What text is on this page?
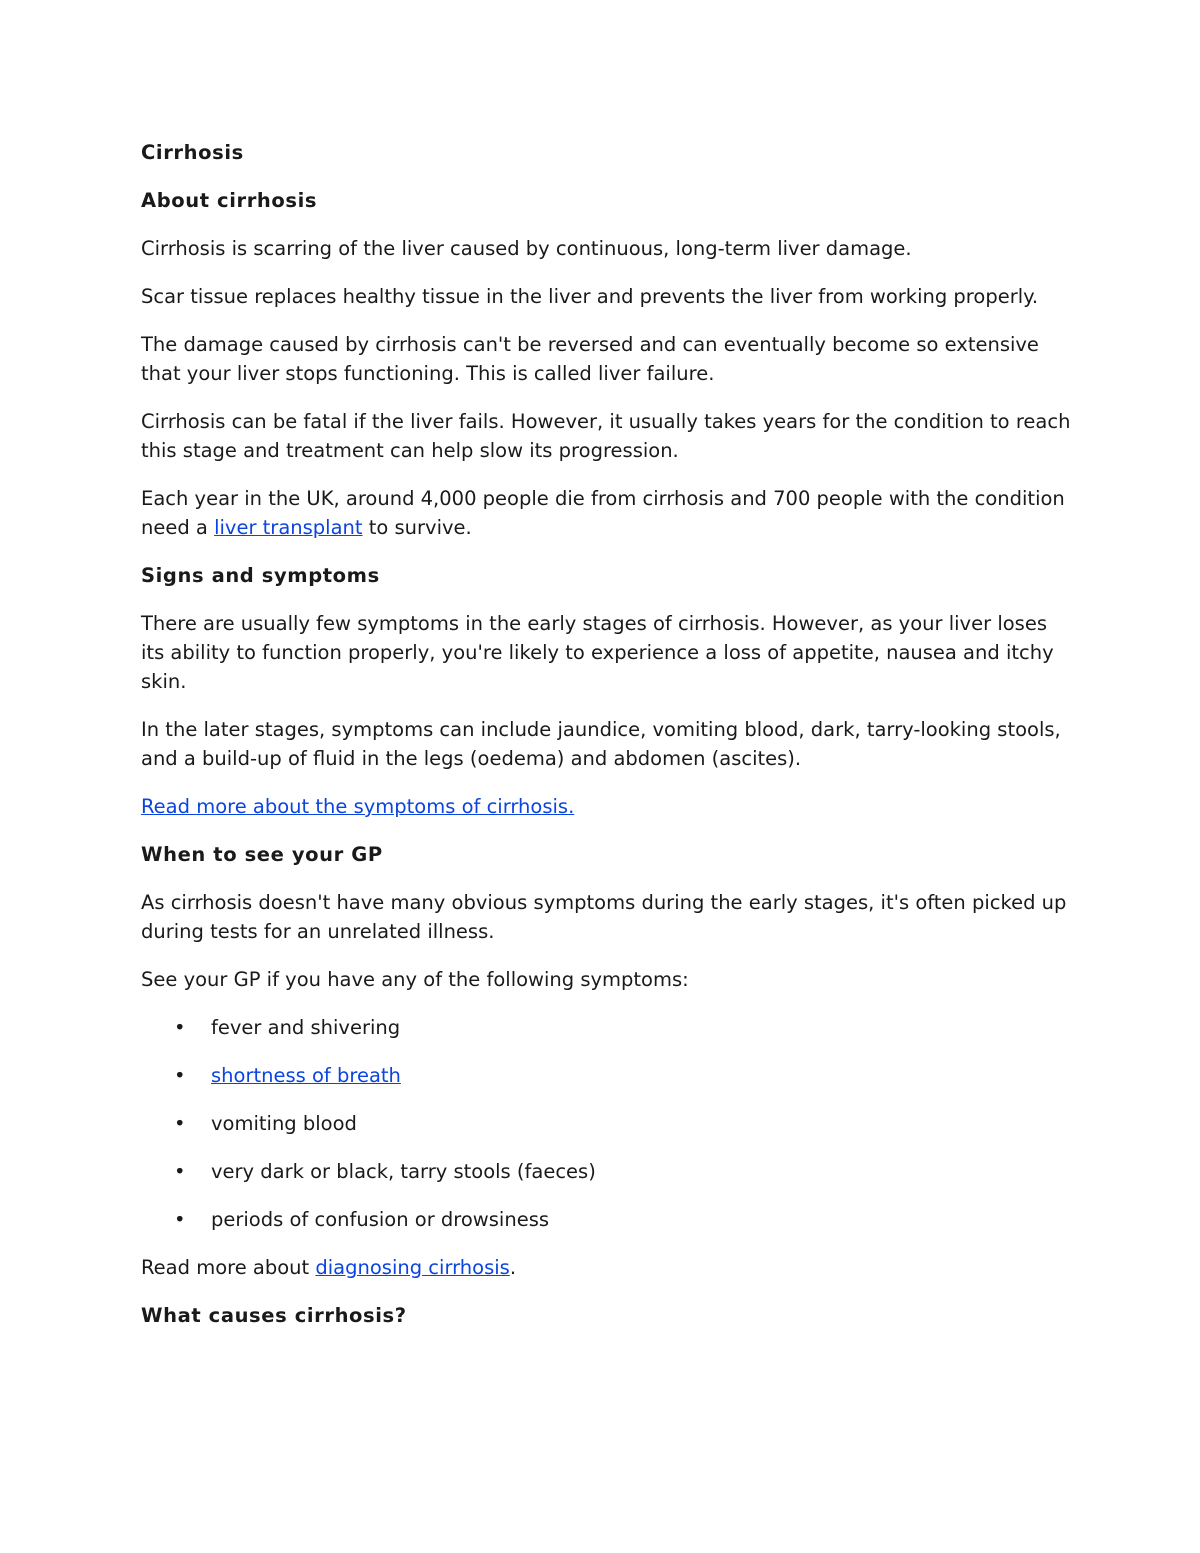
Cirrhosis
About cirrhosis

Cirrhosis is scarring of the liver caused by continuous, long-term liver damage.

Scar tissue replaces healthy tissue in the liver and prevents the liver from working properly.

The damage caused by cirrhosis can't be reversed and can eventually become so extensive that your liver stops functioning. This is called liver failure.

Cirrhosis can be fatal if the liver fails. However, it usually takes years for the condition to reach this stage and treatment can help slow its progression.

Each year in the UK, around 4,000 people die from cirrhosis and 700 people with the condition need a liver transplant to survive.

Signs and symptoms

There are usually few symptoms in the early stages of cirrhosis. However, as your liver loses its ability to function properly, you're likely to experience a loss of appetite, nausea and itchy skin.

In the later stages, symptoms can include jaundice, vomiting blood, dark, tarry-looking stools, and a build-up of fluid in the legs (oedema) and abdomen (ascites).

Read more about the symptoms of cirrhosis.

When to see your GP

As cirrhosis doesn't have many obvious symptoms during the early stages, it's often picked up during tests for an unrelated illness.

See your GP if you have any of the following symptoms:

• fever and shivering
• shortness of breath
• vomiting blood
• very dark or black, tarry stools (faeces)
• periods of confusion or drowsiness

Read more about diagnosing cirrhosis.

What causes cirrhosis?
